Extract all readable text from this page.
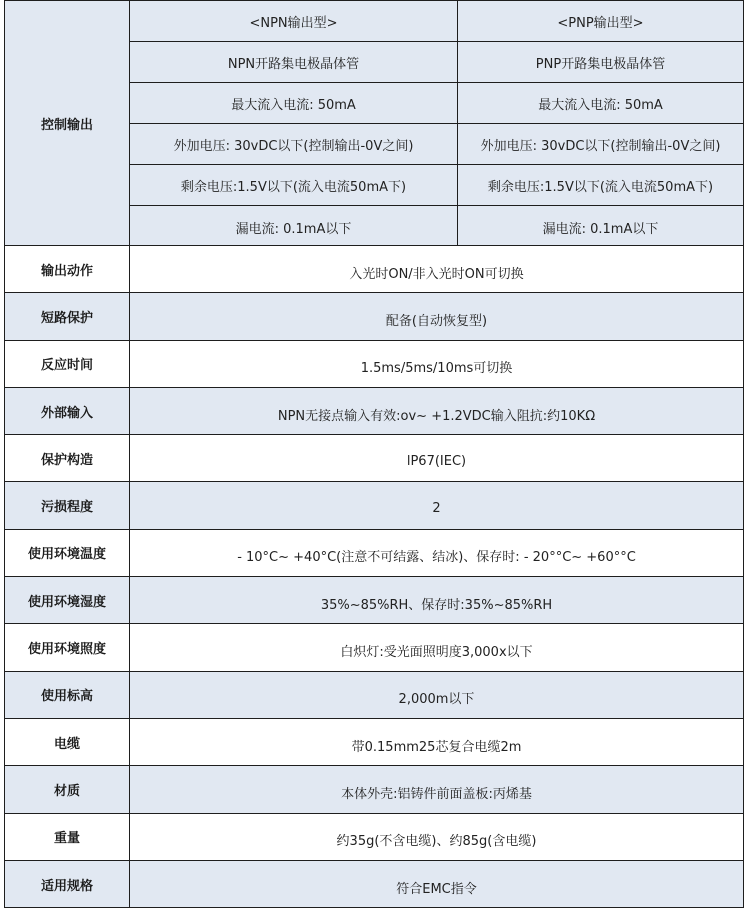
控制输出	<NPN输出型>	<PNP输出型>
	NPN开路集电极晶体管	PNP开路集电极晶体管
	最大流入电流: 50mA	最大流入电流: 50mA
	外加电压: 30vDC以下(控制输出-0V之间)	外加电压: 30vDC以下(控制输出-0V之间)
	剩余电压:1.5V以下(流入电流50mA下)	剩余电压:1.5V以下(流入电流50mA下)
	漏电流: 0.1mA以下	漏电流: 0.1mA以下
输出动作	入光时ON/非入光时ON可切换	
短路保护	配备(自动恢复型)	
反应时间	1.5ms/5ms/10ms可切换	
外部输入	NPN无接点输入有效:ov~ +1.2VDC输入阻抗:约10KΩ	
保护构造	lP67(IEC)	
污损程度	2	
使用环境温度	- 10°C~ +40°C(注意不可结露、结冰)、保存时: - 20°°C~ +60°°C	
使用环境湿度	35%~85%RH、保存时:35%~85%RH	
使用环境照度	白炽灯:受光面照明度3,000x以下	
使用标高	2,000m以下	
电缆	带0.15mm25芯复合电缆2m	
材质	本体外壳:铝铸件前面盖板:丙烯基	
重量	约35g(不含电缆)、约85g(含电缆)	
适用规格	符合EMC指令	
